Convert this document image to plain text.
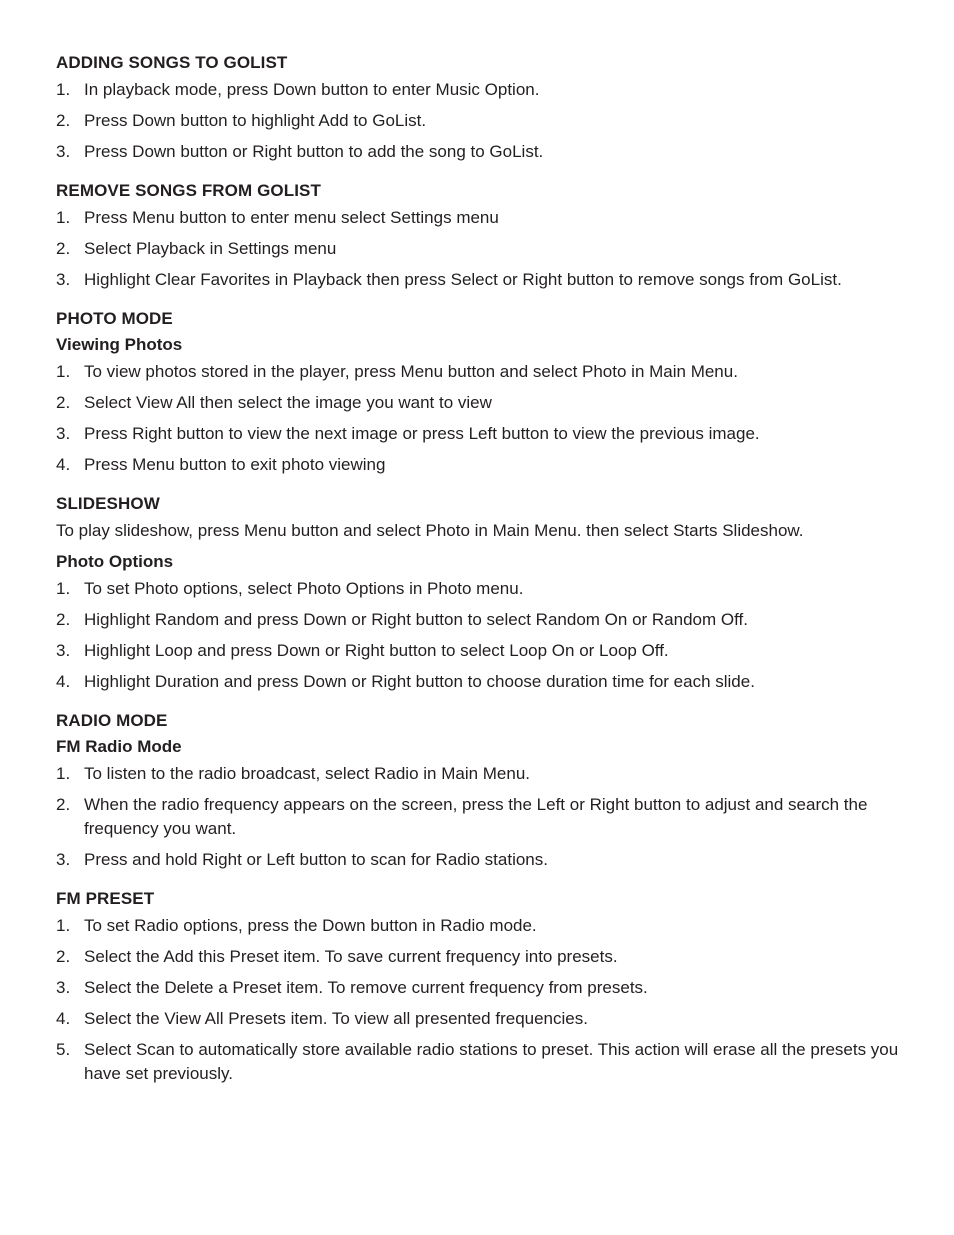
ADDING SONGS TO GOLIST
1. In playback mode, press Down button to enter Music Option.
2. Press Down button to highlight Add to GoList.
3. Press Down button or Right button to add the song to GoList.
REMOVE SONGS FROM GOLIST
1. Press Menu button to enter menu select Settings menu
2. Select Playback in Settings menu
3. Highlight Clear Favorites in Playback then press Select or Right button to remove songs from GoList.
PHOTO MODE
Viewing Photos
1. To view photos stored in the player, press Menu button and select Photo in Main Menu.
2. Select View All then select the image you want to view
3. Press Right button to view the next image or press Left button to view the previous image.
4. Press Menu button to exit photo viewing
SLIDESHOW

To play slideshow, press Menu button and select Photo in Main Menu. then select Starts Slideshow.

Photo Options
1. To set Photo options, select Photo Options in Photo menu.
2. Highlight Random and press Down or Right button to select Random On or Random Off.
3. Highlight Loop and press Down or Right button to select Loop On or Loop Off.
4. Highlight Duration and press Down or Right button to choose duration time for each slide.
RADIO MODE
FM Radio Mode
1. To listen to the radio broadcast, select Radio in Main Menu.
2. When the radio frequency appears on the screen, press the Left or Right button to adjust and search the frequency you want.
3. Press and hold Right or Left button to scan for Radio stations.
FM PRESET
1. To set Radio options, press the Down button in Radio mode.
2. Select the Add this Preset item. To save current frequency into presets.
3. Select the Delete a Preset item. To remove current frequency from presets.
4. Select the View All Presets item. To view all presented frequencies.
5. Select Scan to automatically store available radio stations to preset. This action will erase all the presets you have set previously.
